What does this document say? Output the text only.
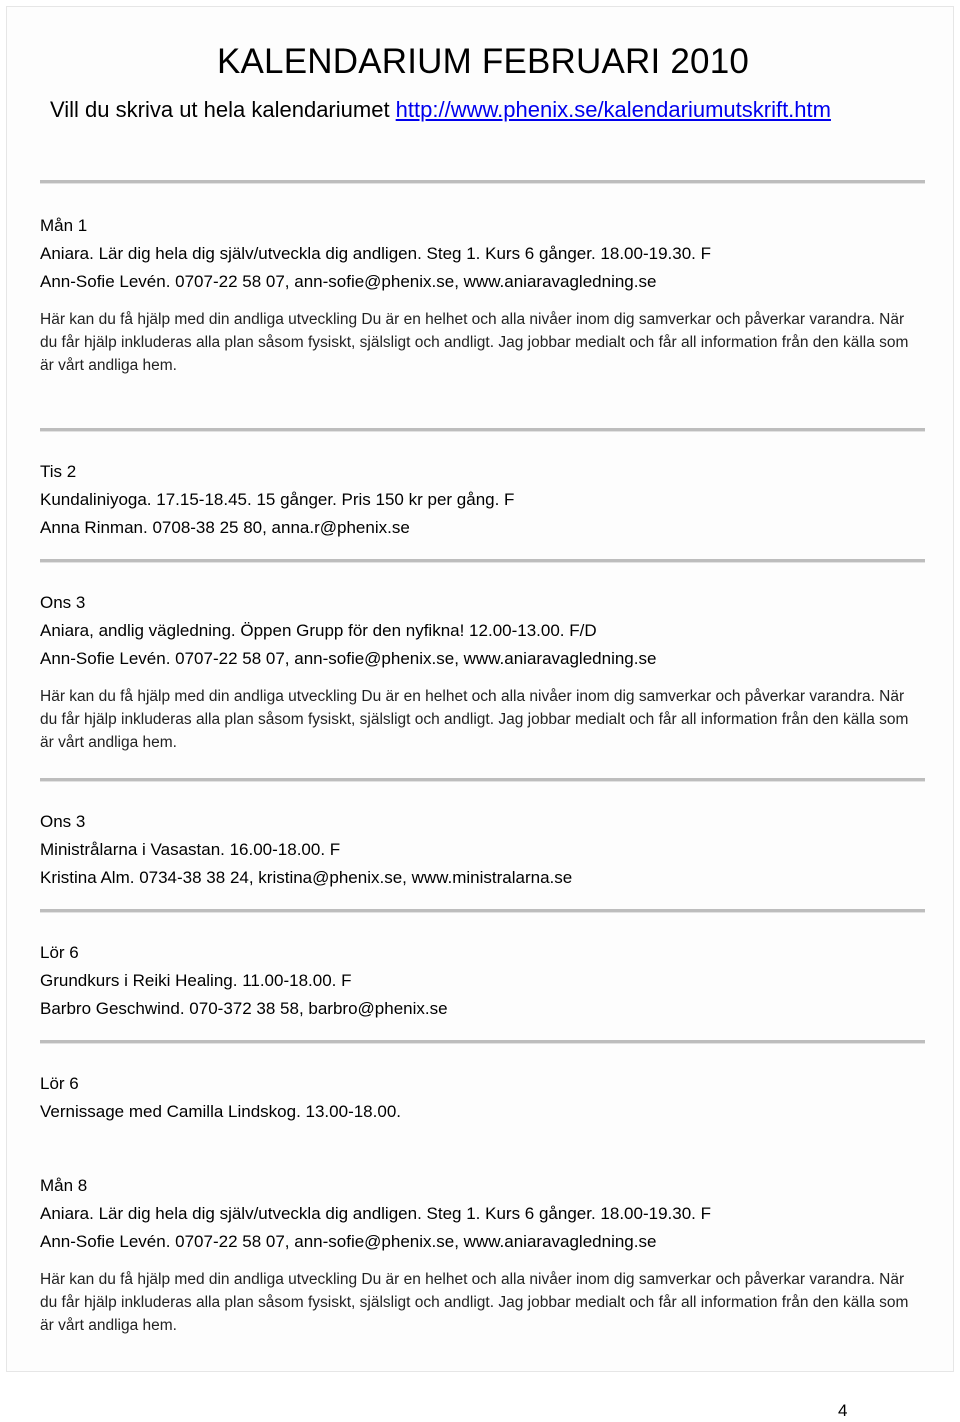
KALENDARIUM FEBRUARI 2010
Vill du skriva ut hela kalendariumet http://www.phenix.se/kalendariumutskrift.htm
Mån 1
Aniara. Lär dig hela dig själv/utveckla dig andligen. Steg 1. Kurs 6 gånger. 18.00-19.30. F
Ann-Sofie Levén. 0707-22 58 07, ann-sofie@phenix.se, www.aniaravagledning.se
Här kan du få hjälp med din andliga utveckling Du är en helhet och alla nivåer inom dig samverkar och påverkar varandra. När du får hjälp inkluderas alla plan såsom fysiskt, själsligt och andligt. Jag jobbar medialt och får all information från den källa som är vårt andliga hem.
Tis 2
Kundaliniyoga. 17.15-18.45. 15 gånger. Pris 150 kr per gång. F
Anna Rinman. 0708-38 25 80, anna.r@phenix.se
Ons 3
Aniara, andlig vägledning. Öppen Grupp för den nyfikna! 12.00-13.00. F/D
Ann-Sofie Levén. 0707-22 58 07, ann-sofie@phenix.se, www.aniaravagledning.se
Här kan du få hjälp med din andliga utveckling Du är en helhet och alla nivåer inom dig samverkar och påverkar varandra. När du får hjälp inkluderas alla plan såsom fysiskt, själsligt och andligt. Jag jobbar medialt och får all information från den källa som är vårt andliga hem.
Ons 3
Ministrålarna i Vasastan. 16.00-18.00. F
Kristina Alm. 0734-38 38 24, kristina@phenix.se, www.ministralarna.se
Lör 6
Grundkurs i Reiki Healing. 11.00-18.00. F
Barbro Geschwind. 070-372 38 58, barbro@phenix.se
Lör 6
Vernissage med Camilla Lindskog. 13.00-18.00.
Mån 8
Aniara. Lär dig hela dig själv/utveckla dig andligen. Steg 1. Kurs 6 gånger. 18.00-19.30. F
Ann-Sofie Levén. 0707-22 58 07, ann-sofie@phenix.se, www.aniaravagledning.se
Här kan du få hjälp med din andliga utveckling Du är en helhet och alla nivåer inom dig samverkar och påverkar varandra. När du får hjälp inkluderas alla plan såsom fysiskt, själsligt och andligt. Jag jobbar medialt och får all information från den källa som är vårt andliga hem.
4
